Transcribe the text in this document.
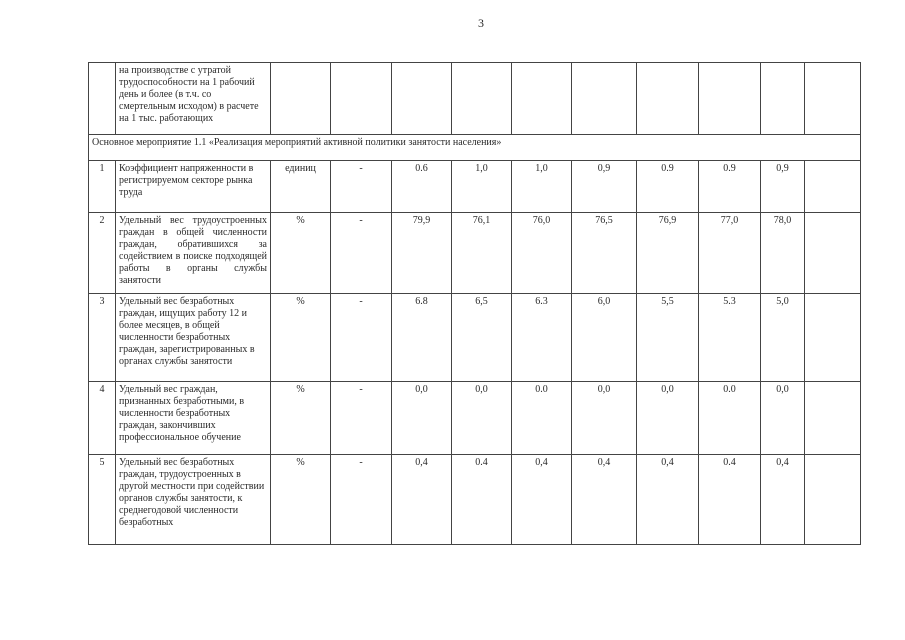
3
	на производстве с утратой трудоспособности на 1 рабочий день и более (в т.ч. со смертельным исходом) в расчете на 1 тыс. работающих										
Основное мероприятие 1.1 «Реализация мероприятий активной политики занятости населения»											
1	Коэффициент напряженности в регистрируемом секторе рынка труда	единиц	-	0.6	1,0	1,0	0,9	0.9	0.9	0,9	
2	Удельный вес трудоустроенных граждан в общей численности граждан, обратившихся за содействием в поиске подходящей работы в органы службы занятости	%	-	79,9	76,1	76,0	76,5	76,9	77,0	78,0	
3	Удельный вес безработных граждан, ищущих работу 12 и более месяцев, в общей численности безработных граждан, зарегистрированных в органах службы занятости	%	-	6.8	6,5	6.3	6,0	5,5	5.3	5,0	
4	Удельный вес граждан, признанных безработными, в численности безработных граждан, закончивших профессиональное обучение	%	-	0,0	0,0	0.0	0,0	0,0	0.0	0,0	
5	Удельный вес безработных граждан, трудоустроенных в другой местности при содействии органов службы занятости, к среднегодовой численности безработных	%	-	0,4	0.4	0,4	0,4	0,4	0.4	0,4	
